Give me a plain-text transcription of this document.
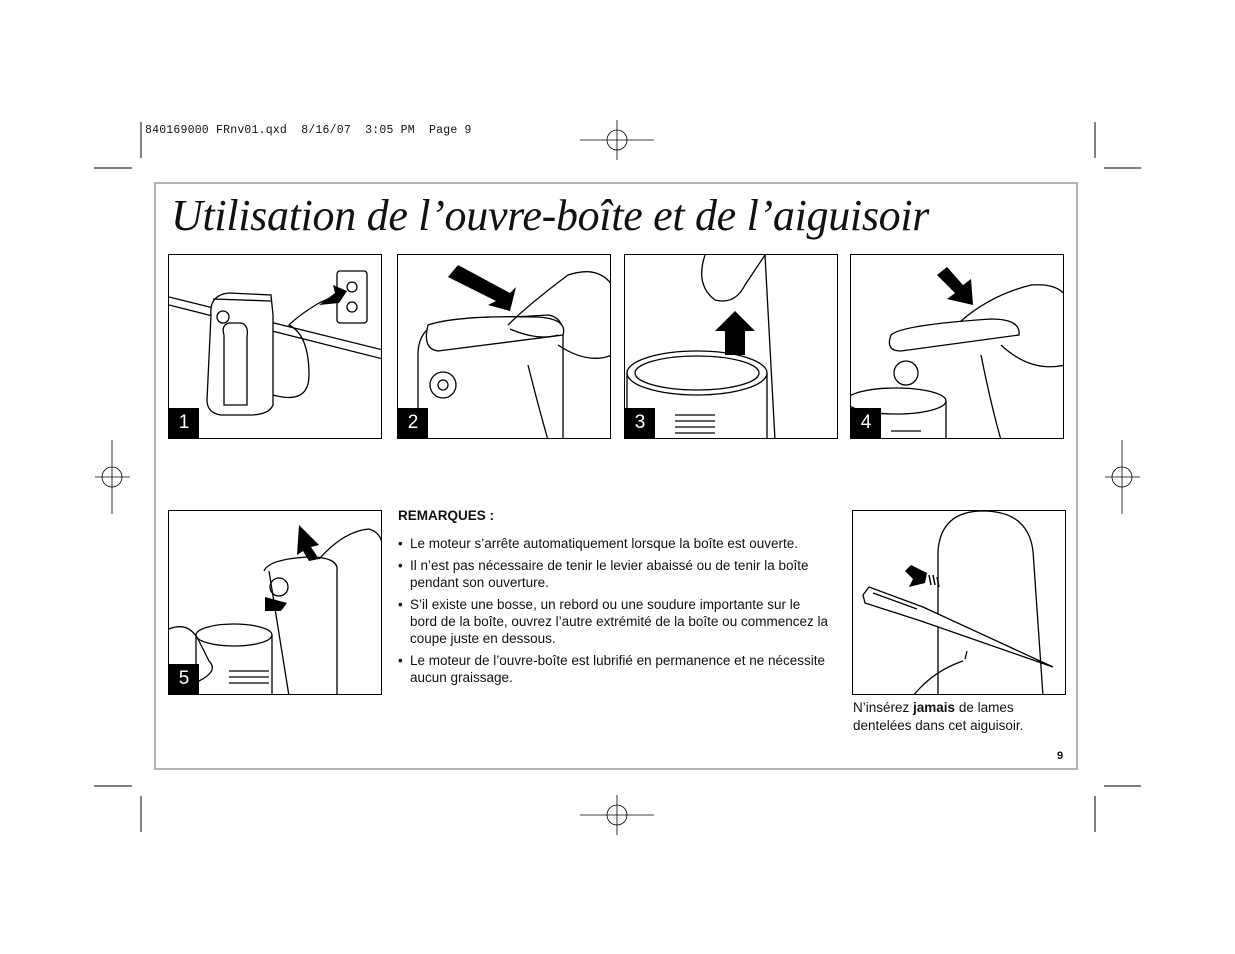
840169000 FRnv01.qxd  8/16/07  3:05 PM  Page 9
Utilisation de l’ouvre-boîte et de l’aiguisoir
1	2	3	4
5
REMARQUES :
• Le moteur s’arrête automatiquement lorsque la boîte est ouverte.
• Il n’est pas nécessaire de tenir le levier abaissé ou de tenir la boîte pendant son ouverture.
• S’il existe une bosse, un rebord ou une soudure importante sur le bord de la boîte, ouvrez l’autre extrémité de la boîte ou commencez la coupe juste en dessous.
• Le moteur de l’ouvre-boîte est lubrifié en permanence et ne nécessite aucun graissage.
N’insérez jamais de lames dentelées dans cet aiguisoir.
9
